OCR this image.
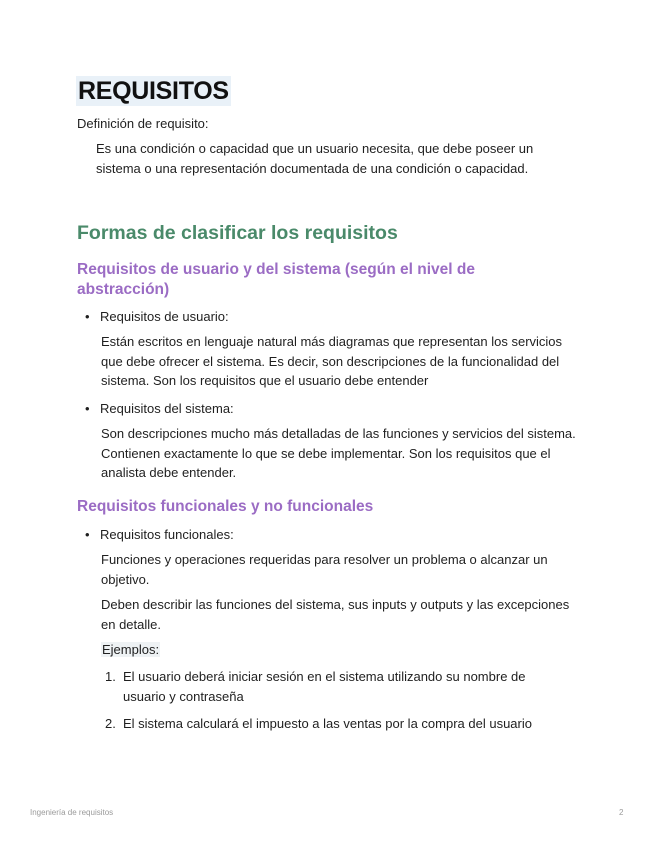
REQUISITOS
Definición de requisito:
Es una condición o capacidad que un usuario necesita, que debe poseer un sistema o una representación documentada de una condición o capacidad.
Formas de clasificar los requisitos
Requisitos de usuario y del sistema (según el nivel de abstracción)
• Requisitos de usuario:
Están escritos en lenguaje natural más diagramas que representan los servicios que debe ofrecer el sistema. Es decir, son descripciones de la funcionalidad del sistema. Son los requisitos que el usuario debe entender
• Requisitos del sistema:
Son descripciones mucho más detalladas de las funciones y servicios del sistema. Contienen exactamente lo que se debe implementar. Son los requisitos que el analista debe entender.
Requisitos funcionales y no funcionales
• Requisitos funcionales:
Funciones y operaciones requeridas para resolver un problema o alcanzar un objetivo.
Deben describir las funciones del sistema, sus inputs y outputs y las excepciones en detalle.
Ejemplos:
1. El usuario deberá iniciar sesión en el sistema utilizando su nombre de usuario y contraseña
2. El sistema calculará el impuesto a las ventas por la compra del usuario
Ingeniería de requisitos	2
